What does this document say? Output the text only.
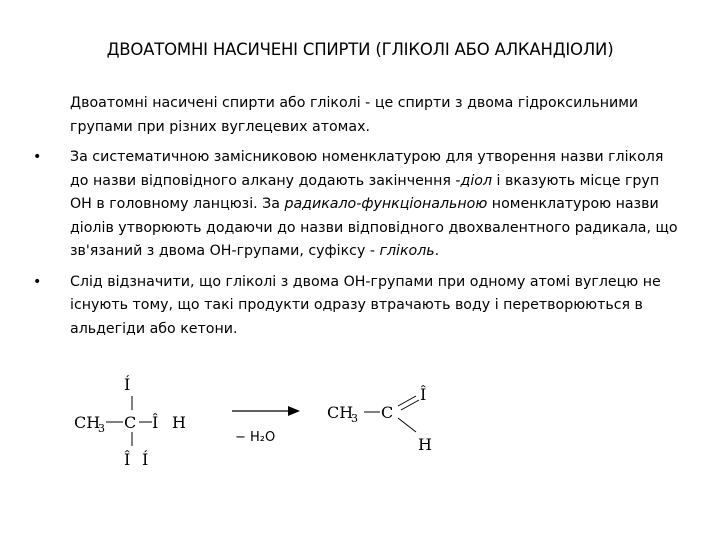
ДВОАТОМНІ НАСИЧЕНІ СПИРТИ (ГЛІКОЛІ АБО АЛКАНДІОЛИ)

Двоатомні насичені спирти або гліколі - це спирти з двома гідроксильними групами при різних вуглецевих атомах.

• За систематичною замісниковою номенклатурою для утворення назви гліколя до назви відповідного алкану додають закінчення -діол і вказують місце груп ОН в головному ланцюзі. За радикало-функціональною номенклатурою назви діолів утворюють додаючи до назви відповідного двохвалентного радикала, що зв'язаний з двома ОН-групами, суфіксу - гліколь.

• Слід відзначити, що гліколі з двома ОН-групами при одному атомі вуглецю не існують тому, що такі продукти одразу втрачають воду і перетворюються в альдегіди або кетони.

Í
CH
3 C Î H
Î Í
− H₂O
CH
3 C
Î
H
